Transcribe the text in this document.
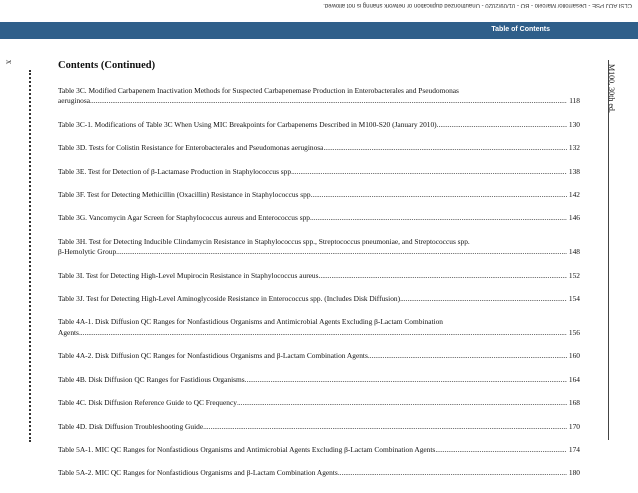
CLSI AOJ PSE - Desarrollo/ Marcelo - BO - 01/09/2020 - Unauthorized duplication or network sharing is not allowed.
Table of Contents
x
M100, 30th ed.
Contents (Continued)
Table 3C. Modified Carbapenem Inactivation Methods for Suspected Carbapenemase Production in Enterobacterales and Pseudomonas
aeruginosa .....	118
Table 3C-1. Modifications of Table 3C When Using MIC Breakpoints for Carbapenems Described in M100-S20 (January 2010) .....	130
Table 3D. Tests for Colistin Resistance for Enterobacterales and Pseudomonas aeruginosa .....	132
Table 3E. Test for Detection of β-Lactamase Production in Staphylococcus spp. .....	138
Table 3F. Test for Detecting Methicillin (Oxacillin) Resistance in Staphylococcus spp. .....	142
Table 3G. Vancomycin Agar Screen for Staphylococcus aureus and Enterococcus spp. .....	146
Table 3H. Test for Detecting Inducible Clindamycin Resistance in Staphylococcus spp., Streptococcus pneumoniae, and Streptococcus spp.
β-Hemolytic Group .....	148
Table 3I. Test for Detecting High-Level Mupirocin Resistance in Staphylococcus aureus .....	152
Table 3J. Test for Detecting High-Level Aminoglycoside Resistance in Enterococcus spp. (Includes Disk Diffusion) .....	154
Table 4A-1. Disk Diffusion QC Ranges for Nonfastidious Organisms and Antimicrobial Agents Excluding β-Lactam Combination
Agents .....	156
Table 4A-2. Disk Diffusion QC Ranges for Nonfastidious Organisms and β-Lactam Combination Agents .....	160
Table 4B. Disk Diffusion QC Ranges for Fastidious Organisms .....	164
Table 4C. Disk Diffusion Reference Guide to QC Frequency .....	168
Table 4D. Disk Diffusion Troubleshooting Guide .....	170
Table 5A-1. MIC QC Ranges for Nonfastidious Organisms and Antimicrobial Agents Excluding β-Lactam Combination Agents .....	174
Table 5A-2. MIC QC Ranges for Nonfastidious Organisms and β-Lactam Combination Agents .....	180
